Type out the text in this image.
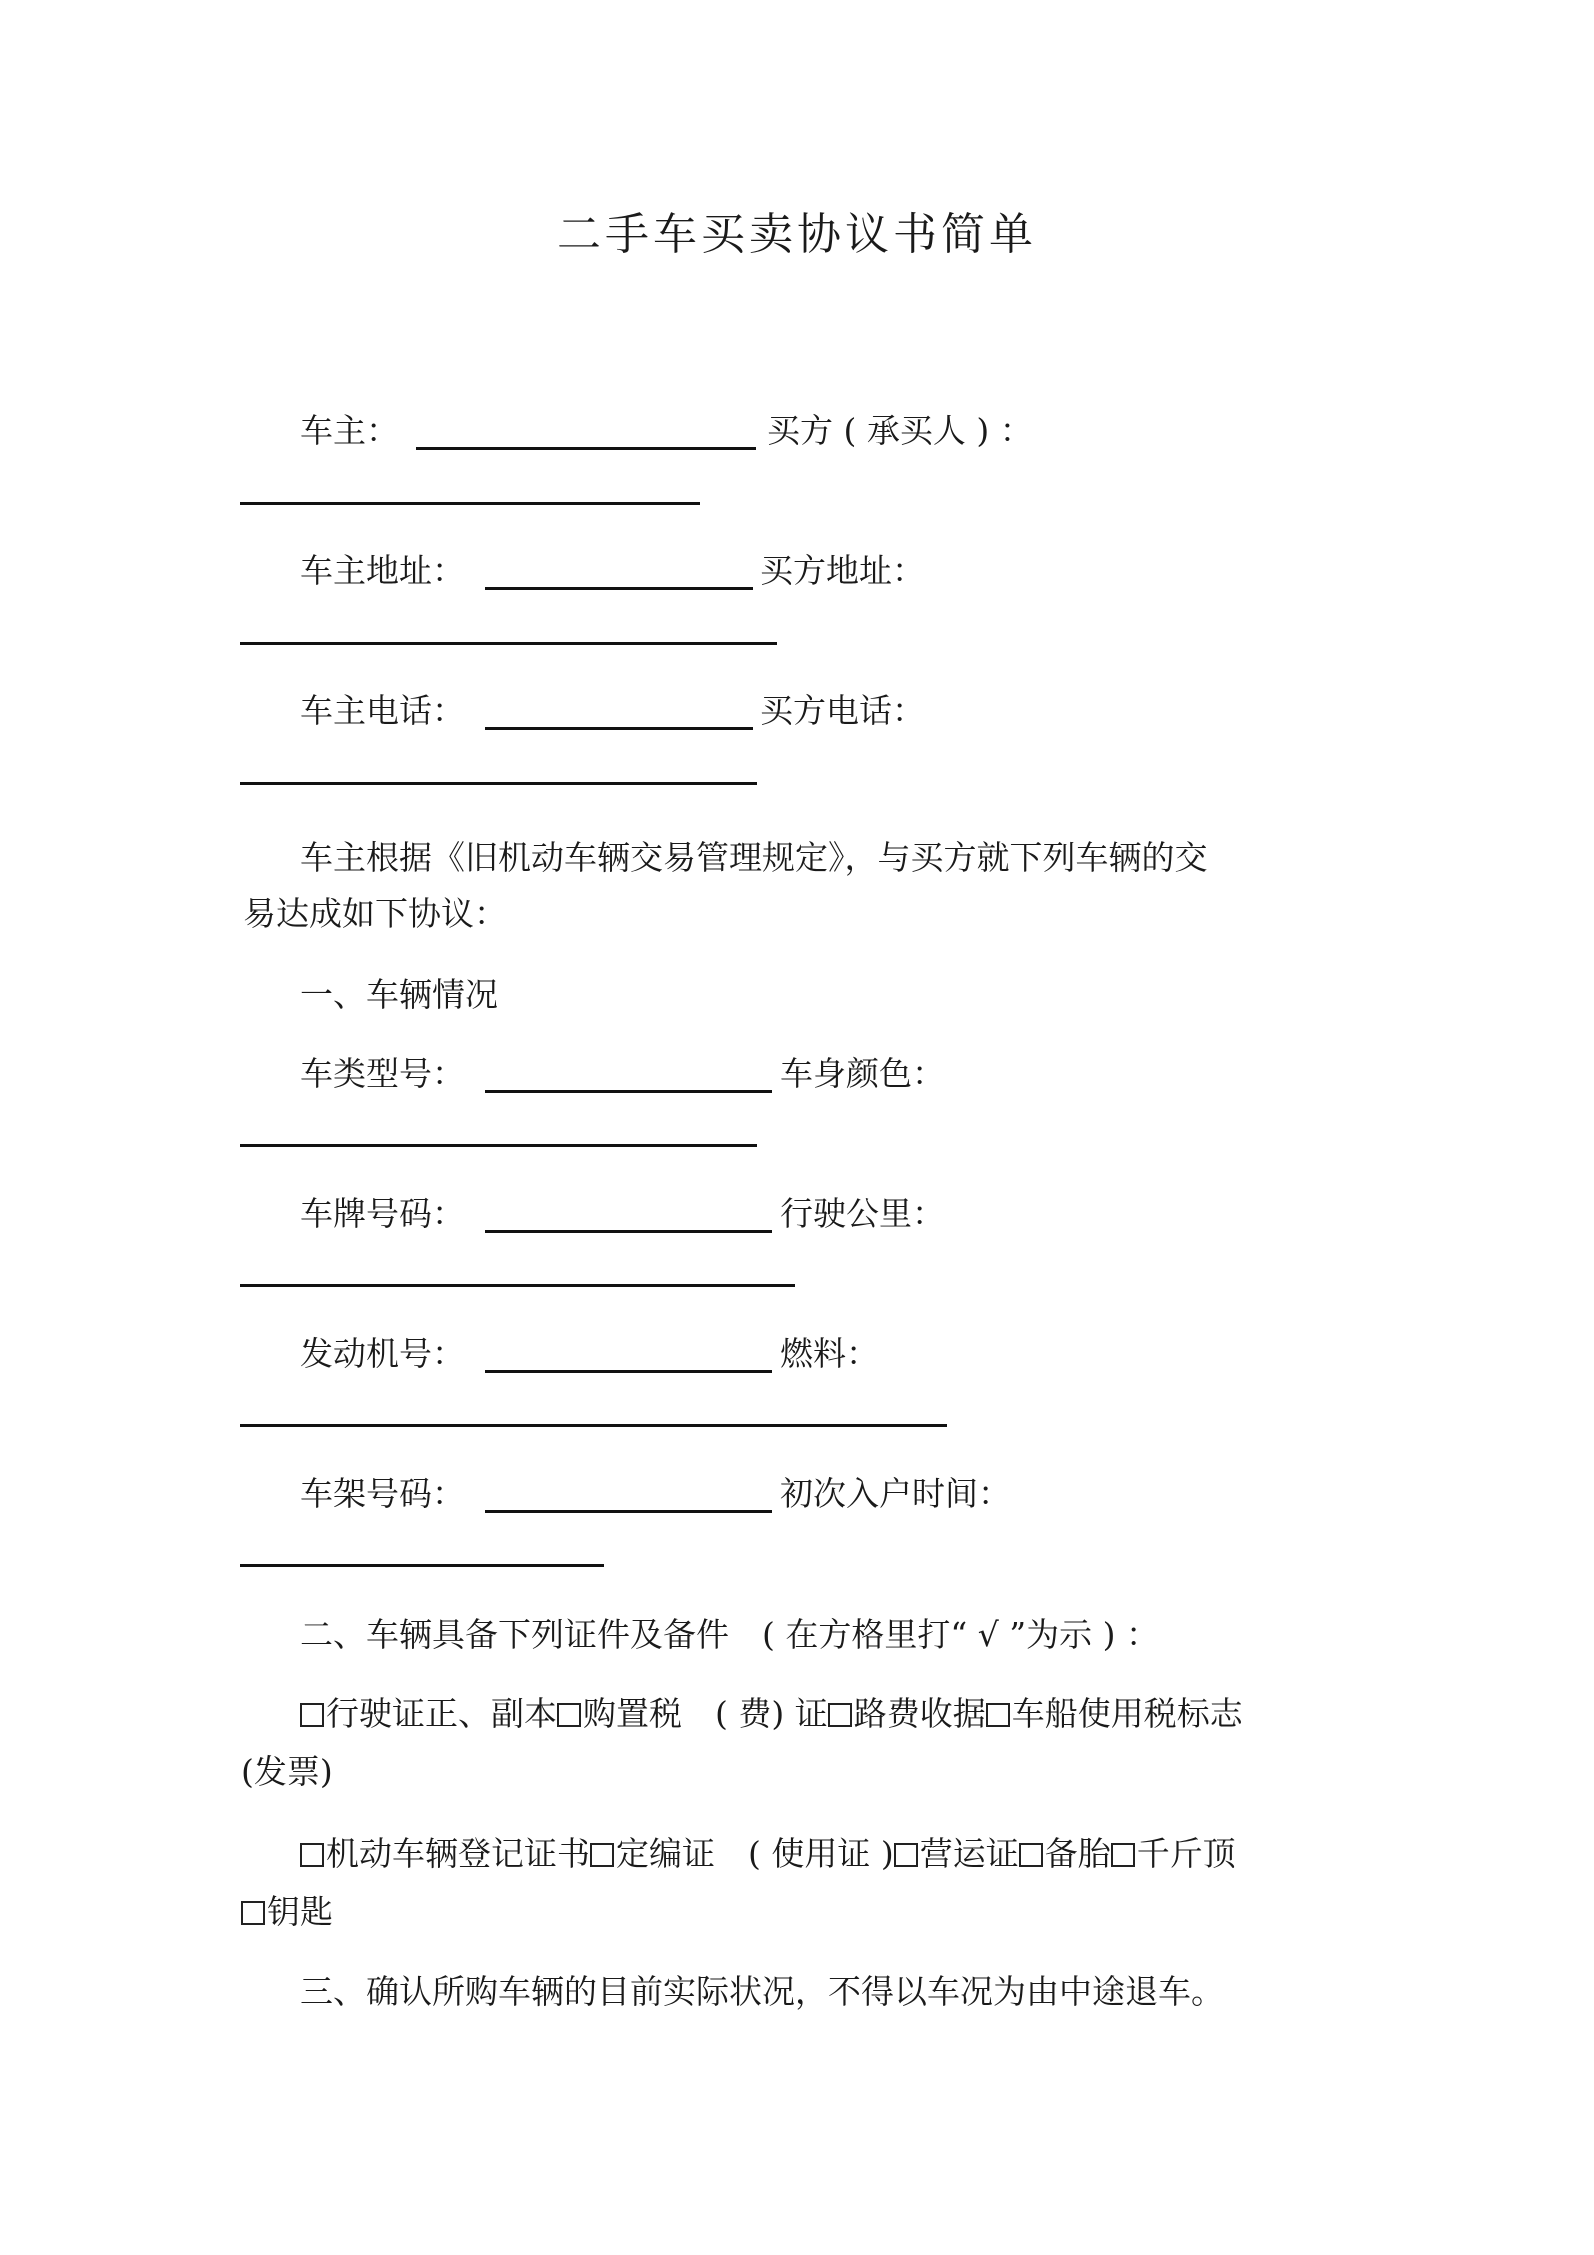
二手车买卖协议书简单
车主：	买方 ( 承买人 ) ：
车主地址：	买方地址：
车主电话：	买方电话：
车主根据《旧机动车辆交易管理规定》，与买方就下列车辆的交
易达成如下协议：
一、车辆情况
车类型号：	车身颜色：
车牌号码：	行驶公里：
发动机号：	燃料：
车架号码：	初次入户时间：
二、车辆具备下列证件及备件　( 在方格里打“ √ ”为示 ) ：
行驶证正、副本 购置税　( 费) 证 路费收据 车船使用税标志
(发票)
机动车辆登记证书 定编证　( 使用证 ) 营运证 备胎 千斤顶
钥匙
三、确认所购车辆的目前实际状况，不得以车况为由中途退车。
